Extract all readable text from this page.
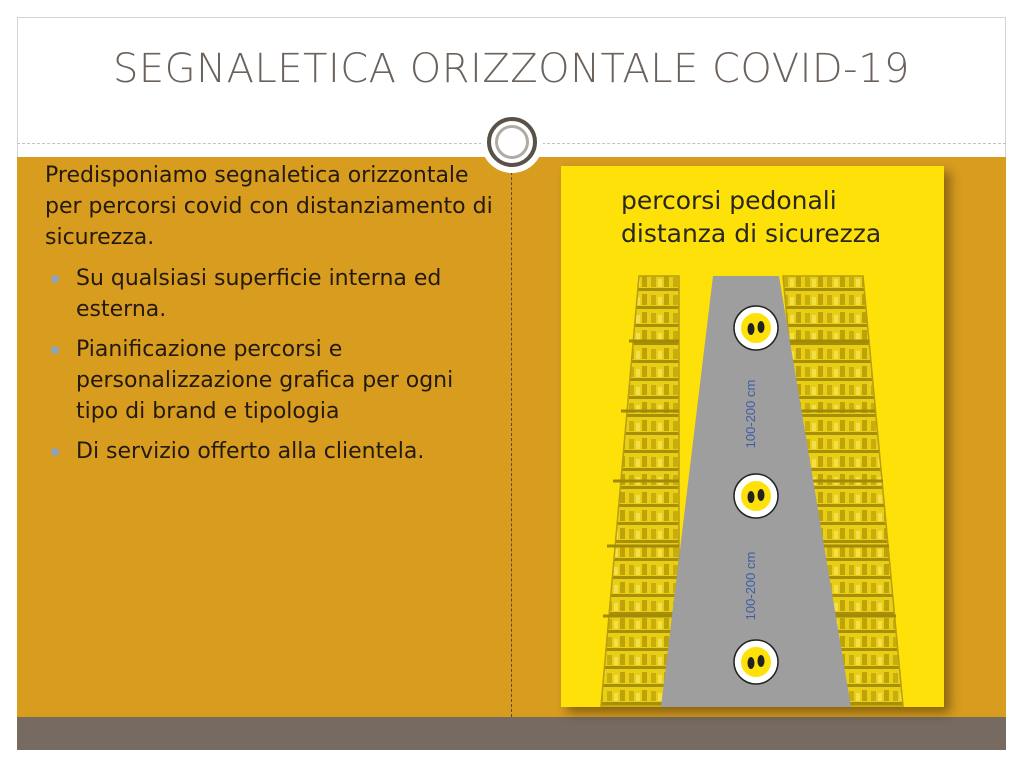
SEGNALETICA ORIZZONTALE COVID-19

Predisponiamo segnaletica orizzontale per percorsi covid con distanziamento di sicurezza.

Su qualsiasi superficie interna ed esterna.
Pianificazione percorsi e personalizzazione grafica per ogni tipo di brand e tipologia
Di servizio offerto alla clientela.
100-200 cm
100-200 cm
percorsi pedonali
distanza di sicurezza
